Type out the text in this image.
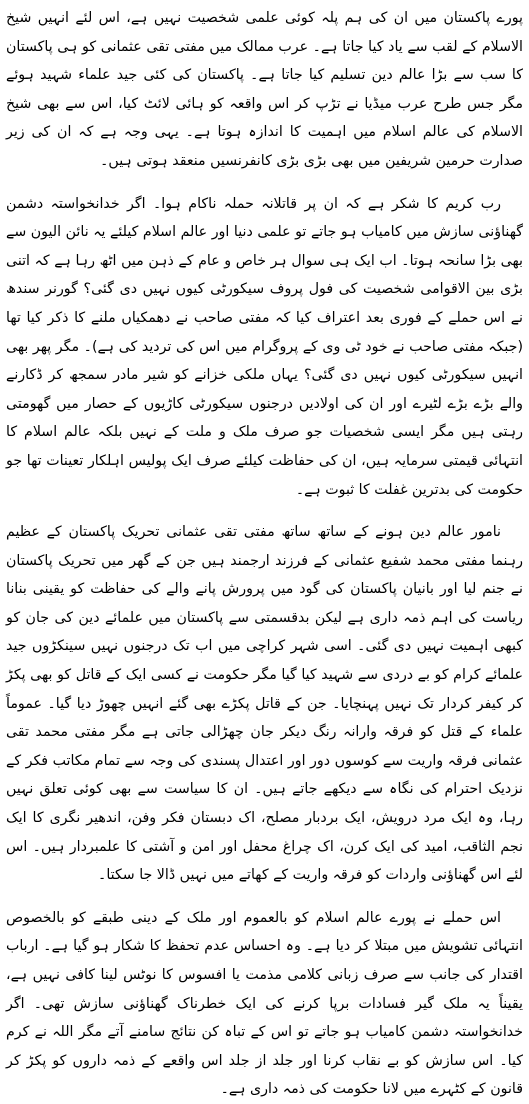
پورے پاکستان میں ان کی ہم پلہ کوئی علمی شخصیت نہیں ہے، اس لئے انہیں شیخ الاسلام کے لقب سے یاد کیا جاتا ہے۔ عرب ممالک میں مفتی تقی عثمانی کو ہی پاکستان کا سب سے بڑا عالم دین تسلیم کیا جاتا ہے۔ پاکستان کی کئی جید علماء شہید ہوئے مگر جس طرح عرب میڈیا نے تڑپ کر اس واقعہ کو ہائی لائٹ کیا، اس سے بھی شیخ الاسلام کی عالم اسلام میں اہمیت کا اندازہ ہوتا ہے۔ یہی وجہ ہے کہ ان کی زیر صدارت حرمین شریفین میں بھی بڑی بڑی کانفرنسیں منعقد ہوتی ہیں۔

رب کریم کا شکر ہے کہ ان پر قاتلانہ حملہ ناکام ہوا۔ اگر خدانخواستہ دشمن گھناؤنی سازش میں کامیاب ہو جاتے تو علمی دنیا اور عالم اسلام کیلئے یہ نائن الیون سے بھی بڑا سانحہ ہوتا۔ اب ایک ہی سوال ہر خاص و عام کے ذہن میں اٹھ رہا ہے کہ اتنی بڑی بین الاقوامی شخصیت کی فول پروف سیکورٹی کیوں نہیں دی گئی؟ گورنر سندھ نے اس حملے کے فوری بعد اعتراف کیا کہ مفتی صاحب نے دھمکیاں ملنے کا ذکر کیا تھا (جبکہ مفتی صاحب نے خود ٹی وی کے پروگرام میں اس کی تردید کی ہے)۔ مگر پھر بھی انہیں سیکورٹی کیوں نہیں دی گئی؟ یہاں ملکی خزانے کو شیر مادر سمجھ کر ڈکارنے والے بڑے بڑے لٹیرے اور ان کی اولادیں درجنوں سیکورٹی کاڑیوں کے حصار میں گھومتی رہتی ہیں مگر ایسی شخصیات جو صرف ملک و ملت کے نہیں بلکہ عالم اسلام کا انتہائی قیمتی سرمایہ ہیں، ان کی حفاظت کیلئے صرف ایک پولیس اہلکار تعینات تھا جو حکومت کی بدترین غفلت کا ثبوت ہے۔

نامور عالم دین ہونے کے ساتھ ساتھ مفتی تقی عثمانی تحریک پاکستان کے عظیم رہنما مفتی محمد شفیع عثمانی کے فرزند ارجمند ہیں جن کے گھر میں تحریک پاکستان نے جنم لیا اور بانیان پاکستان کی گود میں پرورش پانے والے کی حفاظت کو یقینی بنانا ریاست کی اہم ذمہ داری ہے لیکن بدقسمتی سے پاکستان میں علمائے دین کی جان کو کبھی اہمیت نہیں دی گئی۔ اسی شہر کراچی میں اب تک درجنوں نہیں سینکڑوں جید علمائے کرام کو بے دردی سے شہید کیا گیا مگر حکومت نے کسی ایک کے قاتل کو بھی پکڑ کر کیفر کردار تک نہیں پہنچایا۔ جن کے قاتل پکڑے بھی گئے انہیں چھوڑ دیا گیا۔ عموماً علماء کے قتل کو فرقہ وارانہ رنگ دیکر جان چھڑالی جاتی ہے مگر مفتی محمد تقی عثمانی فرقہ واریت سے کوسوں دور اور اعتدال پسندی کی وجہ سے تمام مکاتب فکر کے نزدیک احترام کی نگاہ سے دیکھے جاتے ہیں۔ ان کا سیاست سے بھی کوئی تعلق نہیں رہا، وہ ایک مرد درویش، ایک بردبار مصلح، اک دبستان فکر وفن، اندھیر نگری کا ایک نجم الثاقب، امید کی ایک کرن، اک چراغ محفل اور امن و آشتی کا علمبردار ہیں۔ اس لئے اس گھناؤنی واردات کو فرقہ واریت کے کھاتے میں نہیں ڈالا جا سکتا۔

اس حملے نے پورے عالم اسلام کو بالعموم اور ملک کے دینی طبقے کو بالخصوص انتہائی تشویش میں مبتلا کر دیا ہے۔ وہ احساس عدم تحفظ کا شکار ہو گیا ہے۔ ارباب اقتدار کی جانب سے صرف زبانی کلامی مذمت یا افسوس کا نوٹس لینا کافی نہیں ہے، یقیناً یہ ملک گیر فسادات برپا کرنے کی ایک خطرناک گھناؤنی سازش تھی۔ اگر خدانخواستہ دشمن کامیاب ہو جاتے تو اس کے تباہ کن نتائج سامنے آتے مگر اللہ نے کرم کیا۔ اس سازش کو بے نقاب کرنا اور جلد از جلد اس واقعے کے ذمہ داروں کو پکڑ کر قانون کے کٹہرے میں لانا حکومت کی ذمہ داری ہے۔
